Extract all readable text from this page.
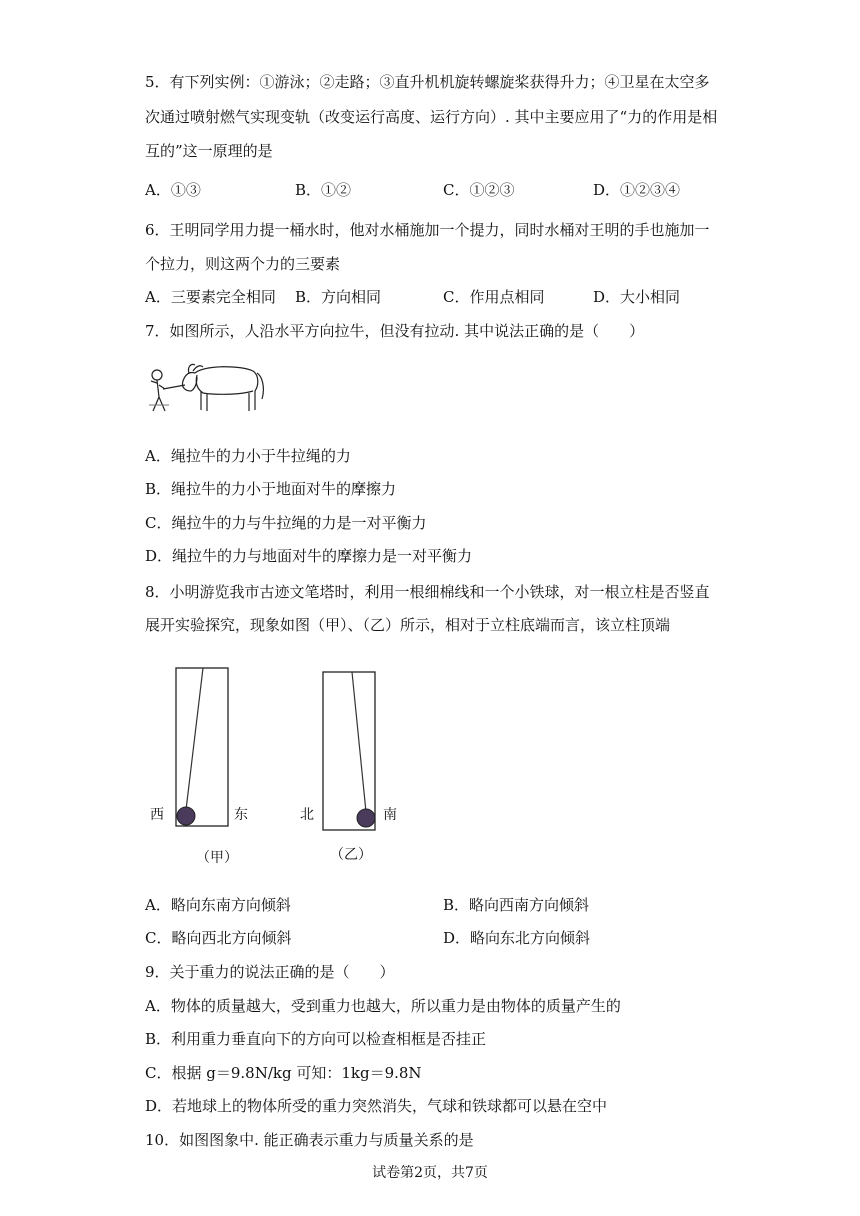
5．有下列实例：①游泳；②走路；③直升机机旋转螺旋桨获得升力；④卫星在太空多
次通过喷射燃气实现变轨（改变运行高度、运行方向）. 其中主要应用了“力的作用是相
互的”这一原理的是
A．①③	B．①②	C．①②③	D．①②③④
6．王明同学用力提一桶水时，他对水桶施加一个提力，同时水桶对王明的手也施加一
个拉力，则这两个力的三要素
A．三要素完全相同 B．方向相同	C．作用点相同	D．大小相同
7．如图所示，人沿水平方向拉牛，但没有拉动. 其中说法正确的是（　　）
A．绳拉牛的力小于牛拉绳的力
B．绳拉牛的力小于地面对牛的摩擦力
C．绳拉牛的力与牛拉绳的力是一对平衡力
D．绳拉牛的力与地面对牛的摩擦力是一对平衡力
8．小明游览我市古迹文笔塔时，利用一根细棉线和一个小铁球，对一根立柱是否竖直
展开实验探究，现象如图（甲）、（乙）所示，相对于立柱底端而言，该立柱顶端
西	东
（甲）
北	南
（乙）
A．略向东南方向倾斜	B．略向西南方向倾斜
C．略向西北方向倾斜	D．略向东北方向倾斜
9．关于重力的说法正确的是（　　）
A．物体的质量越大，受到重力也越大，所以重力是由物体的质量产生的
B．利用重力垂直向下的方向可以检查相框是否挂正
C．根据 g＝9.8N/kg 可知：1kg＝9.8N
D．若地球上的物体所受的重力突然消失，气球和铁球都可以悬在空中
10．如图图象中. 能正确表示重力与质量关系的是
试卷第2页，共7页
